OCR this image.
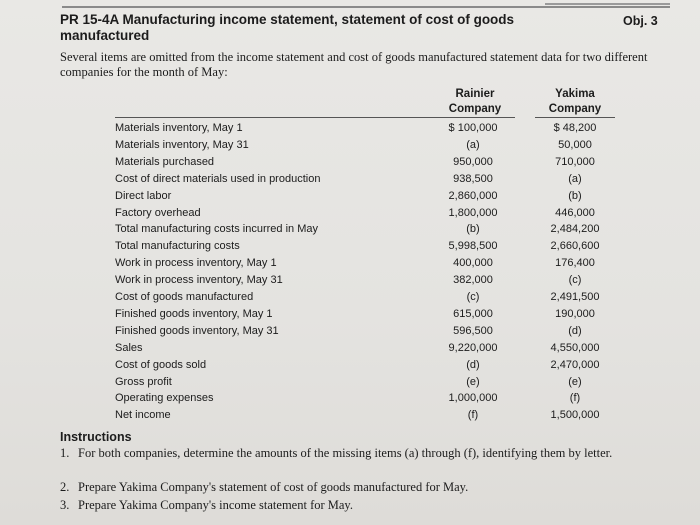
PR 15-4A Manufacturing income statement, statement of cost of goods manufactured
Obj. 3
Several items are omitted from the income statement and cost of goods manufactured statement data for two different companies for the month of May:
Rainier
Company
Yakima
Company
Materials inventory, May 1	$ 100,000	$ 48,200
Materials inventory, May 31	(a)	50,000
Materials purchased	950,000	710,000
Cost of direct materials used in production	938,500	(a)
Direct labor	2,860,000	(b)
Factory overhead	1,800,000	446,000
Total manufacturing costs incurred in May	(b)	2,484,200
Total manufacturing costs	5,998,500	2,660,600
Work in process inventory, May 1	400,000	176,400
Work in process inventory, May 31	382,000	(c)
Cost of goods manufactured	(c)	2,491,500
Finished goods inventory, May 1	615,000	190,000
Finished goods inventory, May 31	596,500	(d)
Sales	9,220,000	4,550,000
Cost of goods sold	(d)	2,470,000
Gross profit	(e)	(e)
Operating expenses	1,000,000	(f)
Net income	(f)	1,500,000
Instructions
1. For both companies, determine the amounts of the missing items (a) through (f), identifying them by letter.
2. Prepare Yakima Company's statement of cost of goods manufactured for May.
3. Prepare Yakima Company's income statement for May.
